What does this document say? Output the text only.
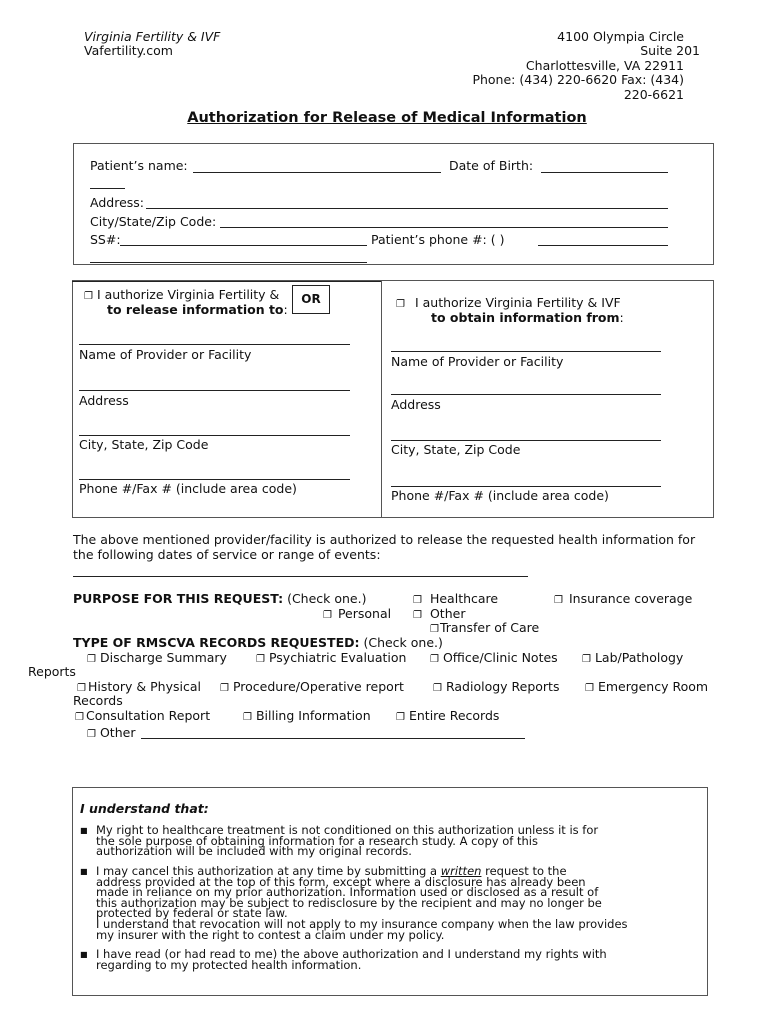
Virginia Fertility & IVF
Vafertility.com
4100 Olympia Circle
Suite 201
Charlottesville, VA 22911
Phone: (434) 220-6620 Fax: (434)
220-6621
Authorization for Release of Medical Information
Patient’s name:	Date of Birth:
Address:
City/State/Zip Code:
SS#:	Patient’s phone #: ( )
❐ I authorize Virginia Fertility &
to release information to:
OR
Name of Provider or Facility
Address
City, State, Zip Code
Phone #/Fax # (include area code)
❐ I authorize Virginia Fertility & IVF
to obtain information from:
Name of Provider or Facility
Address
City, State, Zip Code
Phone #/Fax # (include area code)
The above mentioned provider/facility is authorized to release the requested health information for
the following dates of service or range of events:
PURPOSE FOR THIS REQUEST: (Check one.)	❐ Healthcare	❐ Insurance coverage
❐ Personal ❐ Other
❐Transfer of Care
TYPE OF RMSCVA RECORDS REQUESTED: (Check one.)
❐ Discharge Summary	❐ Psychiatric Evaluation ❐ Office/Clinic Notes ❐ Lab/Pathology
Reports
❐ History & Physical ❐ Procedure/Operative report	❐ Radiology Reports	❐ Emergency Room
Records
❐ Consultation Report	❐ Billing Information	❐ Entire Records
❐ Other
I understand that:
■ My right to healthcare treatment is not conditioned on this authorization unless it is for
the sole purpose of obtaining information for a research study. A copy of this
authorization will be included with my original records.
■ I may cancel this authorization at any time by submitting a written request to the
address provided at the top of this form, except where a disclosure has already been
made in reliance on my prior authorization. Information used or disclosed as a result of
this authorization may be subject to redisclosure by the recipient and may no longer be
protected by federal or state law.
I understand that revocation will not apply to my insurance company when the law provides
my insurer with the right to contest a claim under my policy.
■ I have read (or had read to me) the above authorization and I understand my rights with
regarding to my protected health information.
